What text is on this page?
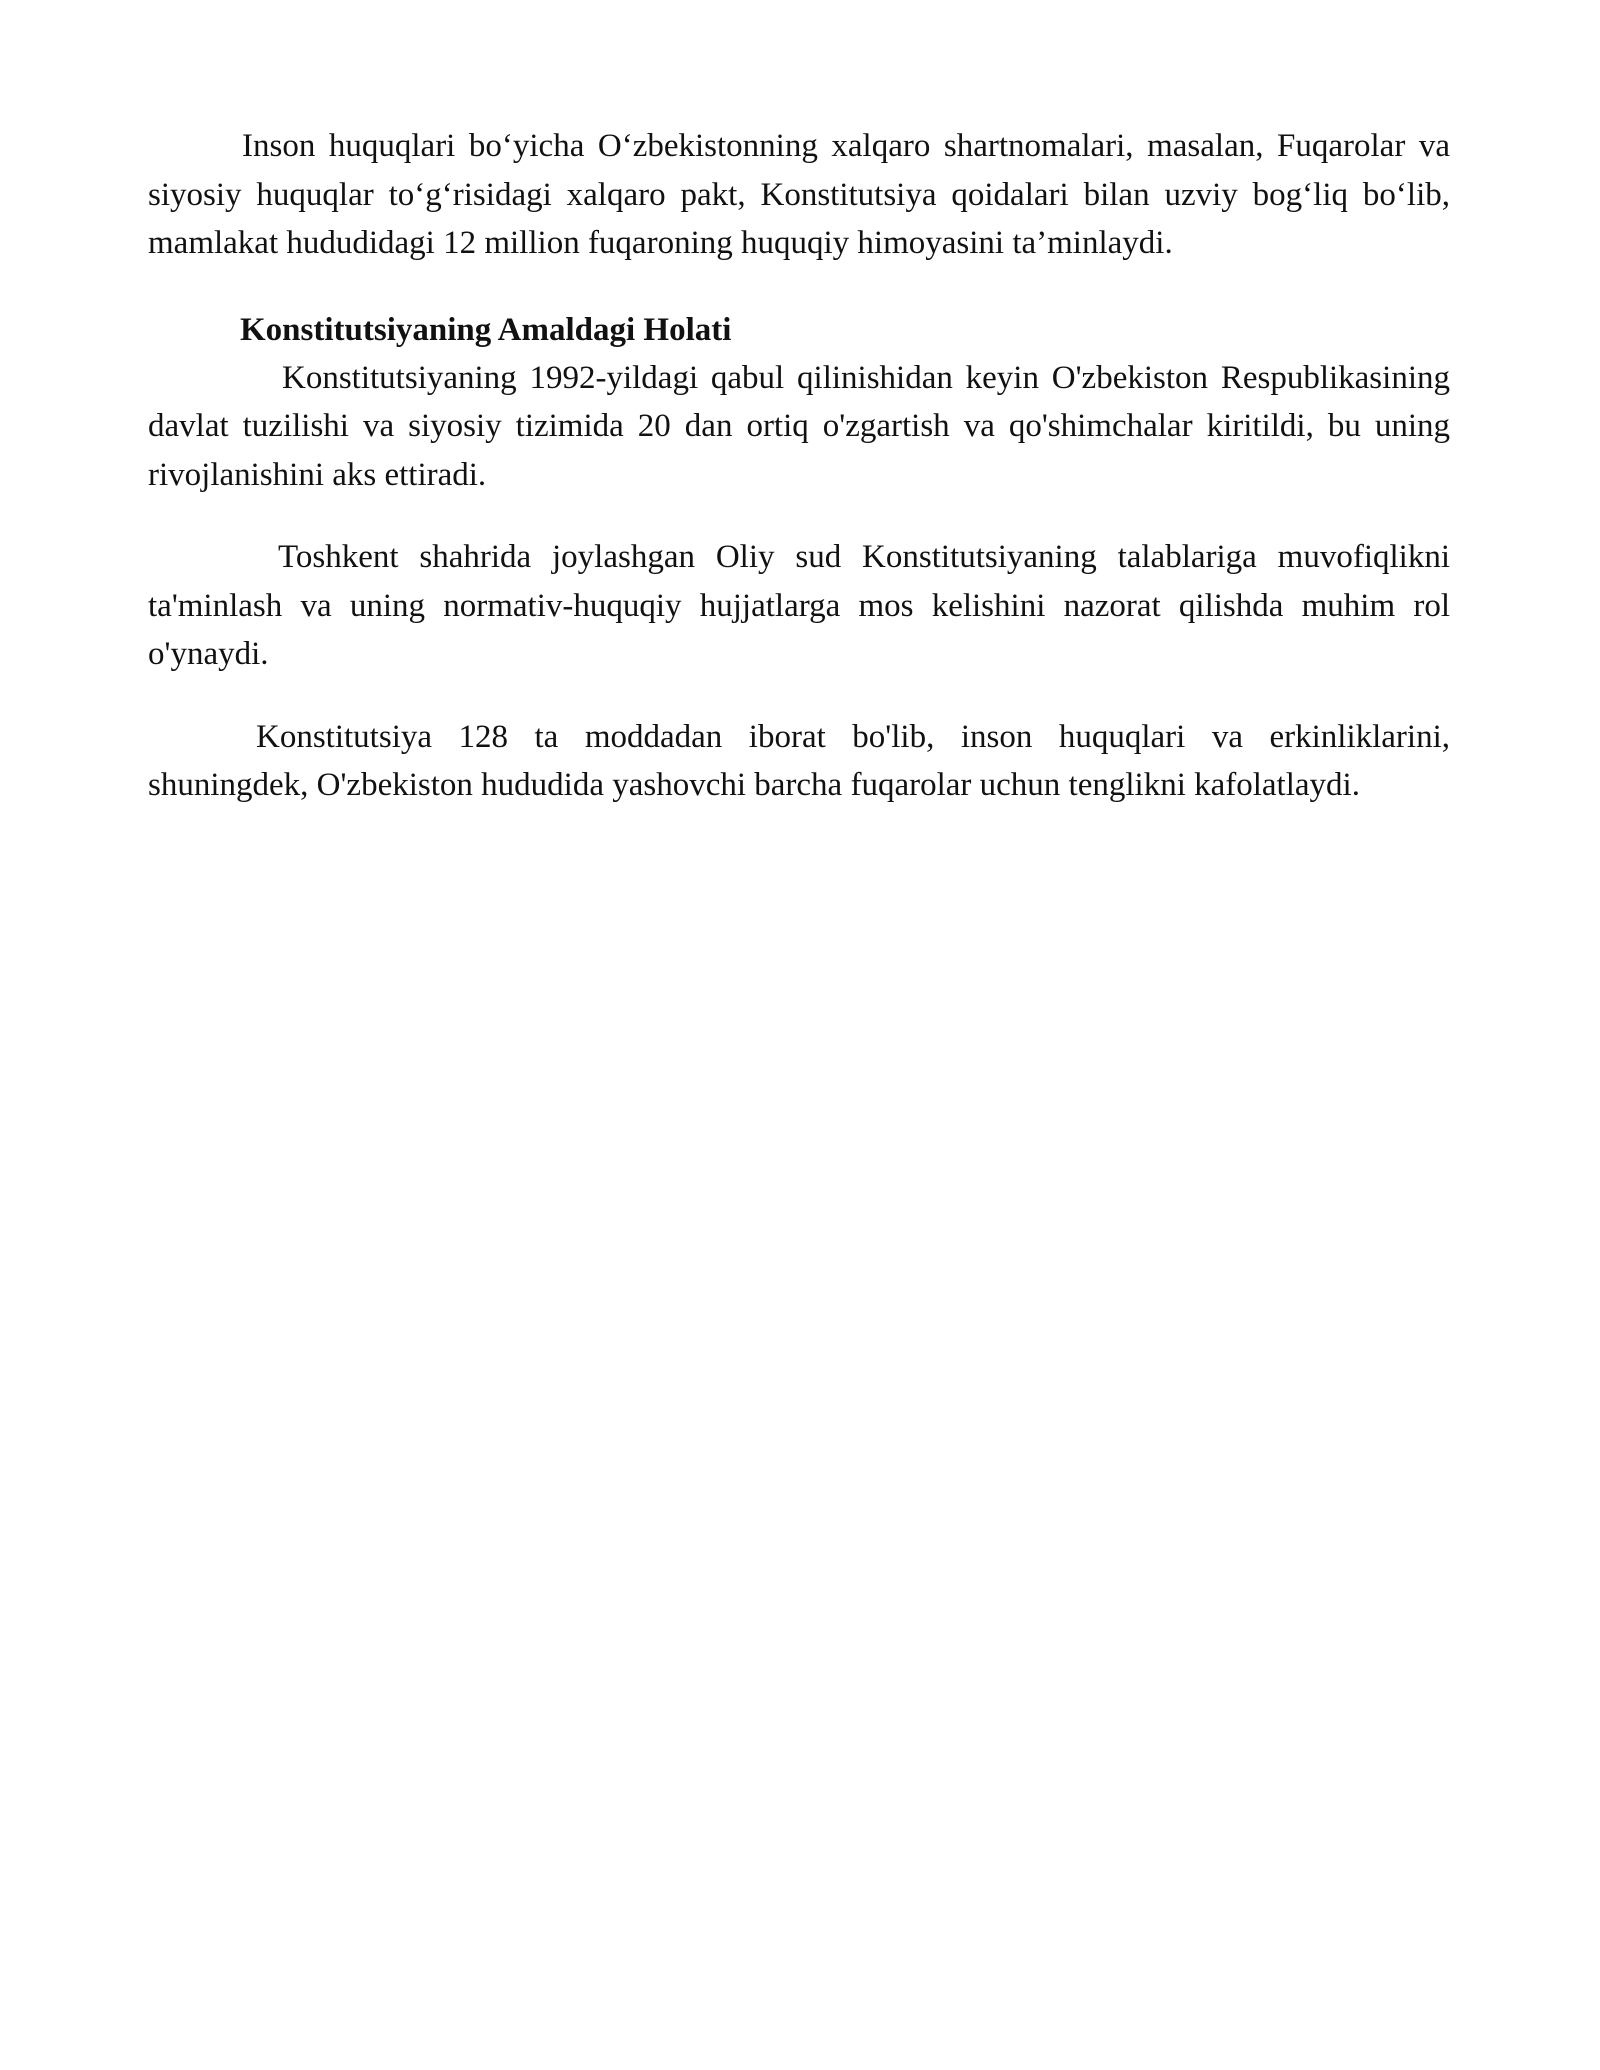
Inson huquqlari bo‘yicha O‘zbekistonning xalqaro shartnomalari, masalan, Fuqarolar va siyosiy huquqlar to‘g‘risidagi xalqaro pakt, Konstitutsiya qoidalari bilan uzviy bog‘liq bo‘lib, mamlakat hududidagi 12 million fuqaroning huquqiy himoyasini ta’minlaydi.

Konstitutsiyaning Amaldagi Holati

Konstitutsiyaning 1992-yildagi qabul qilinishidan keyin O'zbekiston Respublikasining davlat tuzilishi va siyosiy tizimida 20 dan ortiq o'zgartish va qo'shimchalar kiritildi, bu uning rivojlanishini aks ettiradi.

Toshkent shahrida joylashgan Oliy sud Konstitutsiyaning talablariga muvofiqlikni ta'minlash va uning normativ-huquqiy hujjatlarga mos kelishini nazorat qilishda muhim rol o'ynaydi.

Konstitutsiya 128 ta moddadan iborat bo'lib, inson huquqlari va erkinliklarini, shuningdek, O'zbekiston hududida yashovchi barcha fuqarolar uchun tenglikni kafolatlaydi.
